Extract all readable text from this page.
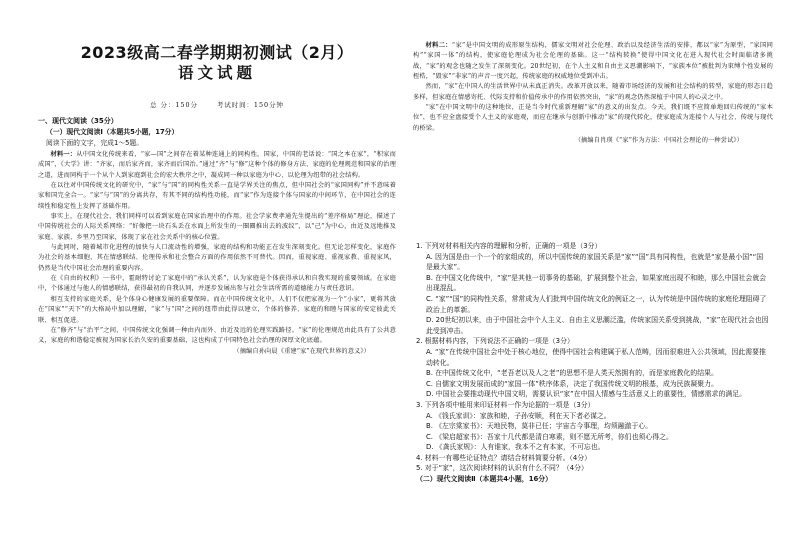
2023级高二春学期期初测试（2月）
语文试题
总 分：150分	考试时间：150分钟
一、现代文阅读（35分）
（一）现代文阅读Ⅰ（本题共5小题，17分）
阅读下面的文字，完成1～5题。

材料一：从中国文化传统来看，“家—国”之间存在着某种连通上的同构性，国家，中国的老话说：“国之本在家”，“积家而成国”，《大学》讲：“齐家，而后家齐而，家齐而后国治。”通过“齐”与“修”这种个体的修身方法、家庭的伦理规范和国家的治理之道，进而同构于一个从个人到家庭到社会的宏大秩序之中，凝成同一种以家庭为中心、以伦理为纽带的社会结构。

在以往对中国传统文化的研究中，“家”与“国”的同构性关系一直是学界关注的焦点，但中国社会的“家国同构”并不意味着家和国完全合一。“家”与“国”的分离共存，有其不同的结构性功能，而“家”作为连接个体与国家的中间环节，在中国社会的连续性和稳定性上发挥了基础作用。

事实上，在现代社会，我们同样可以看到家庭在国家治理中的作用。社会学家费孝通先生提出的“差序格局”理论，描述了中国传统社会的人际关系网络：“好像把一块石头丢在水面上所发生的一圈圈推出去的波纹”，以“己”为中心，由近及远地推及家庭、家族、乡里乃至国家，体现了家在社会关系中的核心位置。

与此同时，随着城市化进程的加快与人口流动性的增强，家庭的结构和功能正在发生深刻变化。但无论怎样变化，家庭作为社会的基本细胞，其在情感联结、伦理传承和社会整合方面的作用依然不可替代。因而，重视家庭、重视家教、重视家风，仍然是当代中国社会治理的重要内容。

在《自由的权利》一书中，霍耐特讨论了家庭中的“承认关系”，认为家庭是个体获得承认和自我实现的重要领域。在家庭中，个体通过与他人的情感联结，获得最初的自我认同，并逐步发展出参与社会生活所需的道德能力与责任意识。

相互支持的家庭关系，是个体身心健康发展的重要保障。而在中国传统文化中，人们不仅把家视为一个“小家”，更将其放在“国家”“天下”的大格局中加以理解，“家”与“国”之间的纽带由此得以建立，个体的修养、家庭的和睦与国家的安定彼此关联、相互促进。

在“修齐”与“治平”之间，中国传统文化强调一种由内而外、由近及远的伦理实践路径。“家”的伦理规范由此具有了公共意义，家庭的和谐稳定被视为国家长治久安的重要基础，这也构成了中国特色社会治理的深厚文化底蕴。

（摘编自孙向晨《重建“家”在现代世界的意义》）

材料二：“家”是中国文明的成形原生结构，儒家文明对社会伦理、政治以及经济生活的安排，都以“家”为原型，“家国同构”“家国一体”的结构，使家庭伦理成为社会伦理的基础。这一“结构转换”使得中国文化在进入现代社会时面临诸多挑战，“家”的观念也随之发生了深刻变化。20世纪初，在个人主义和自由主义思潮影响下，“家族本位”被批判为束缚个性发展的桎梏，“毁家”“非家”的声音一度兴起，传统家庭的权威地位受到冲击。

然而，“家”在中国人的生活世界中从未真正消失。改革开放以来，随着市场经济的发展和社会结构的转型，家庭的形态日趋多样，但家庭在情感寄托、代际支持和价值传承中的作用依然突出，“家”的观念仍然深植于中国人的心灵之中。

“家”在中国文明中的这种地位，正是当今时代重新理解“家”的意义的出发点。今天，我们既不应简单地回归传统的“家本位”，也不应全盘接受个人主义的家庭观，而应在继承与创新中推动“家”的现代转化，使家庭成为连接个人与社会、传统与现代的桥梁。

（摘编自肖瑛《“家”作为方法：中国社会理论的一种尝试》）
1. 下列对材料相关内容的理解和分析，正确的一项是（3分）
A. 因为国是由一个一个的家组成的，所以中国传统的家国关系是“家”“国”具有同构性，也就是“家是最小国”“国是最大家”。
B. 在中国文化传统中，“家”是其他一切事务的基础，扩展到整个社会，如果家庭出现不和睦，那么中国社会就会出现混乱。
C. “家”“国”的同构性关系，常常成为人们批判中国传统文化的例证之一，认为传统是中国传统的家庭伦理阻碍了政治上的革新。
D. 20世纪初以来，由于中国社会中个人主义、自由主义思潮泛滥，传统家国关系受到挑战，“家”在现代社会也因此受到冲击。
2. 根据材料内容，下列说法不正确的一项是（3分）
A. “家”在传统中国社会中处于核心地位，使得中国社会构建属于私人范畴，因而很难进入公共领域，因此需要推动转化。
B. 在中国传统文化中，“老吾老以及人之老”的思想不是人类天然拥有的，而是家庭教化的结果。
C. 自儒家文明发展而成的“家国一体”秩序体系，决定了我国传统文明的根基，成为民族凝聚力。
D. 中国社会要推动现代中国文明，需要认识“家”在中国人情感与生活意义上的重要性，情感需求的满足。
3. 下列各项中能用来印证材料一作为论据的一项是（3分）
A. 《钱氏家训》：家族和睦，子孙安顺，利在天下者必谋之。
B. 《左宗棠家书》：天地民物，莫非已任；宇宙古今事理，均须融澈于心。
C. 《梁启超家书》：吾家十几代都是清白寒素，则不愿无所考，你们也须心得之。
D. 《龚氏家规》：人有谁家，我本不之有本家，不可忘也。
4. 材料一有哪些论证特点？请结合材料简要分析。（4分）
5. 对于“家”，这次阅读材料的认识有什么不同？（4分）
（二）现代文阅读Ⅱ（本题共4小题，16分）
